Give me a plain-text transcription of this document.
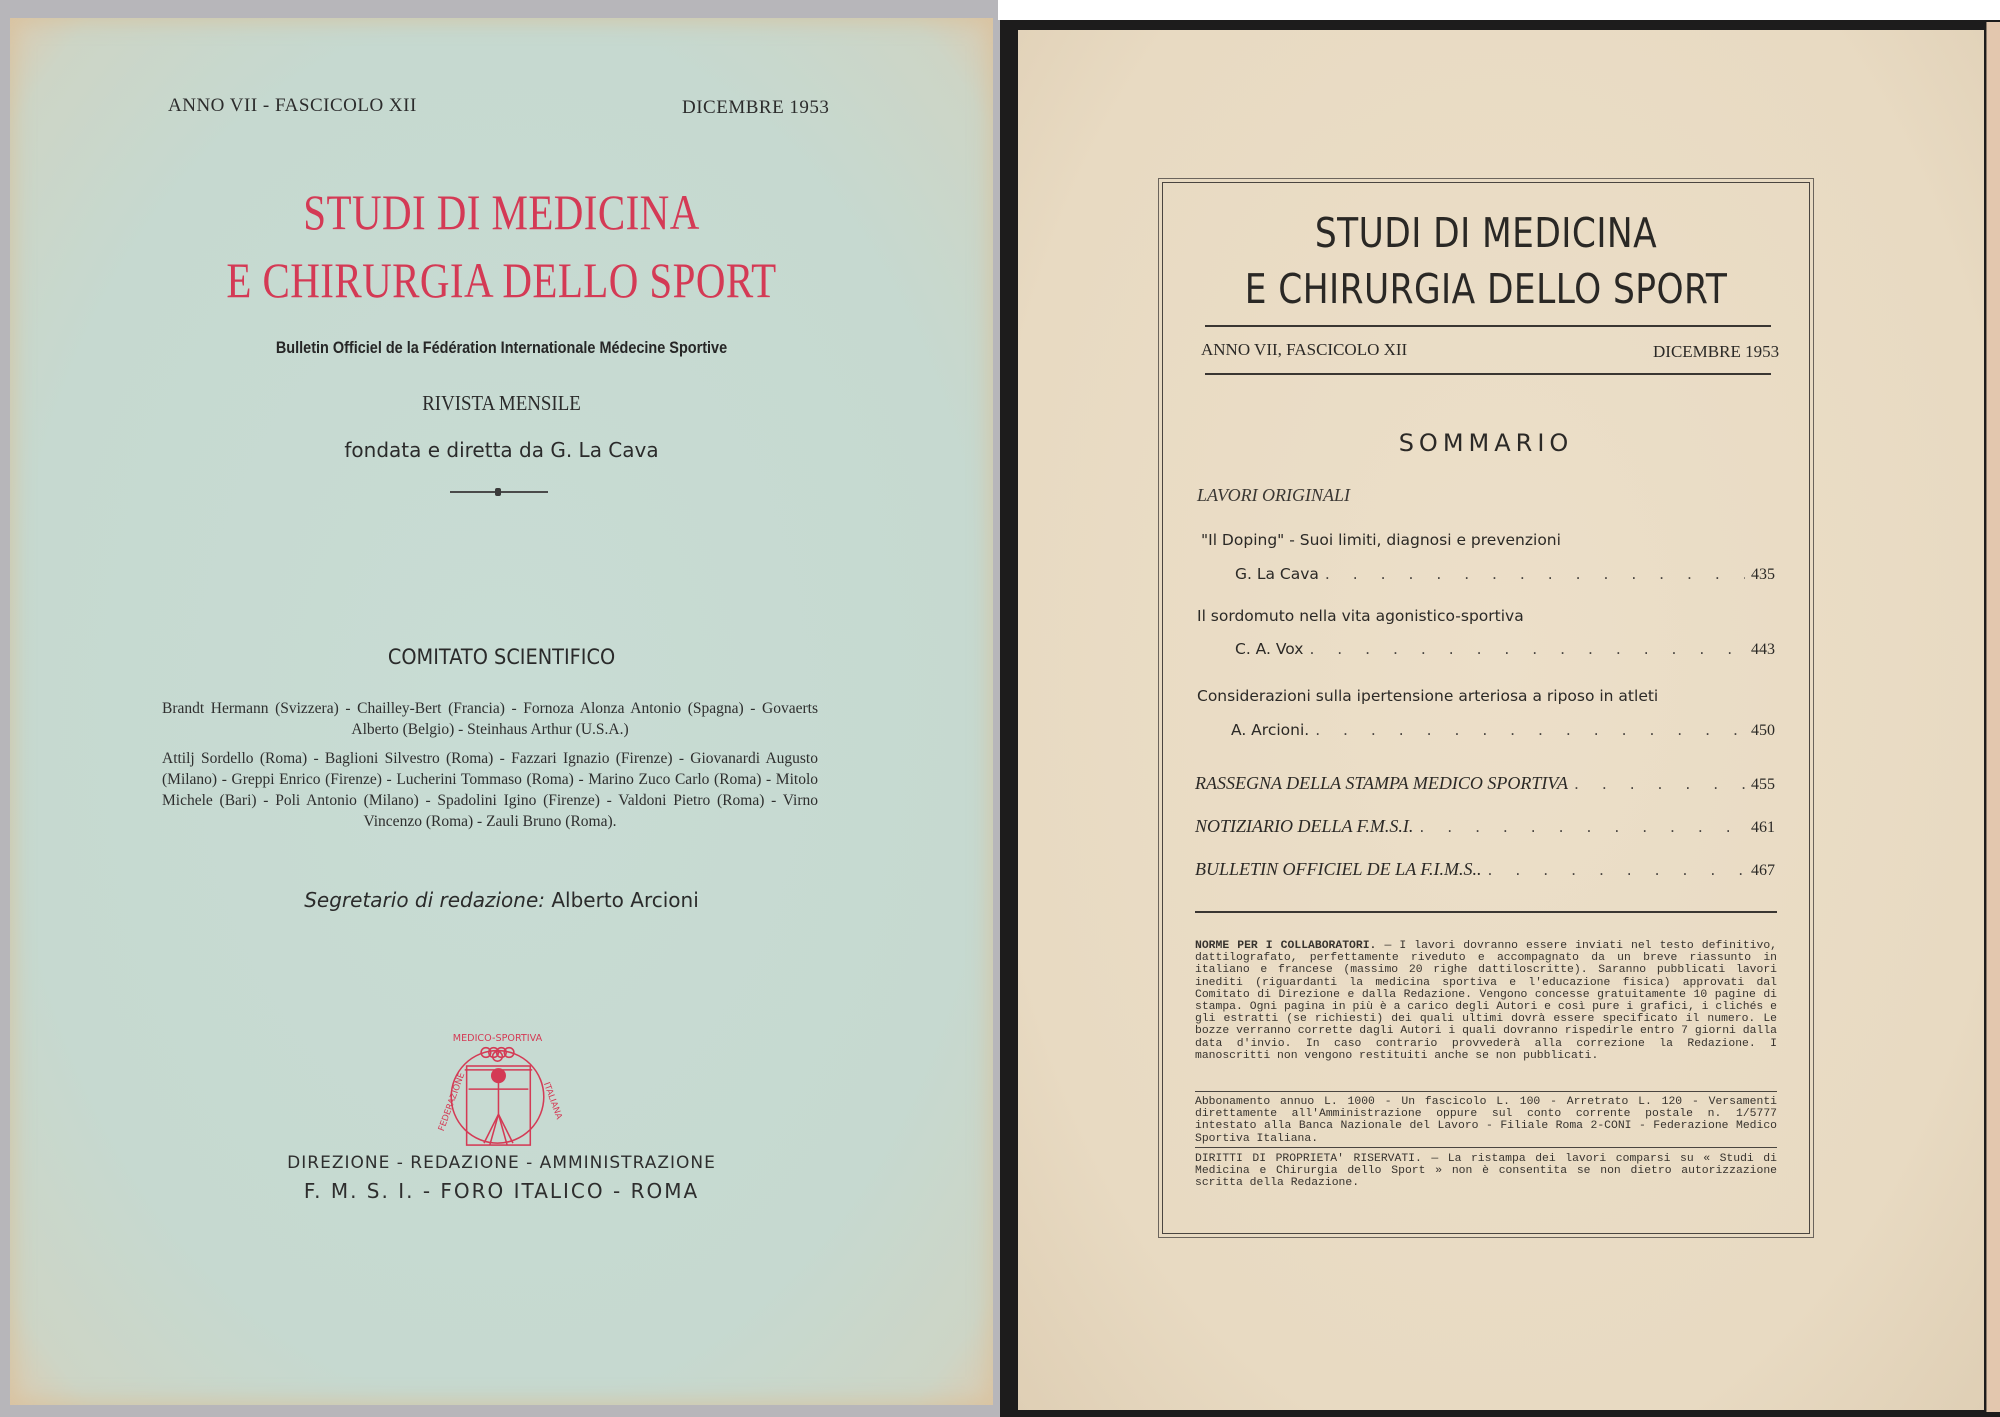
ANNO VII - FASCICOLO XII	DICEMBRE 1953
STUDI DI MEDICINA
E CHIRURGIA DELLO SPORT
Bulletin Officiel de la Fédération Internationale Médecine Sportive
RIVISTA MENSILE
fondata e diretta da G. La Cava
COMITATO SCIENTIFICO
Brandt Hermann (Svizzera) - Chailley-Bert (Francia) - Fornoza Alonza Antonio (Spagna) - Govaerts Alberto (Belgio) - Steinhaus Arthur (U.S.A.)
Attilj Sordello (Roma) - Baglioni Silvestro (Roma) - Fazzari Ignazio (Firenze) - Giovanardi Augusto (Milano) - Greppi Enrico (Firenze) - Lucherini Tommaso (Roma) - Marino Zuco Carlo (Roma) - Mitolo Michele (Bari) - Poli Antonio (Milano) - Spadolini Igino (Firenze) - Valdoni Pietro (Roma) - Virno Vincenzo (Roma) - Zauli Bruno (Roma).
Segretario di redazione: Alberto Arcioni
MEDICO-SPORTIVA
FEDERAZIONE	ITALIANA
DIREZIONE - REDAZIONE - AMMINISTRAZIONE
F. M. S. I. - FORO ITALICO - ROMA
STUDI DI MEDICINA
E CHIRURGIA DELLO SPORT
ANNO VII, FASCICOLO XII	DICEMBRE 1953
SOMMARIO
LAVORI ORIGINALI
"Il Doping" - Suoi limiti, diagnosi e prevenzioni
G. La Cava . . .	435
Il sordomuto nella vita agonistico-sportiva
C. A. Vox . . .	443
Considerazioni sulla ipertensione arteriosa a riposo in atleti
A. Arcioni. . . .	450
RASSEGNA DELLA STAMPA MEDICO SPORTIVA . . .	455
NOTIZIARIO DELLA F.M.S.I. . . .	461
BULLETIN OFFICIEL DE LA F.I.M.S.. . . .	467
NORME PER I COLLABORATORI. — I lavori dovranno essere inviati nel testo definitivo, dattilografato, perfettamente riveduto e accompagnato da un breve riassunto in italiano e francese (massimo 20 righe dattiloscritte). Saranno pubblicati lavori inediti (riguardanti la medicina sportiva e l'educazione fisica) approvati dal Comitato di Direzione e dalla Redazione. Vengono concesse gratuitamente 10 pagine di stampa. Ogni pagina in più è a carico degli Autori e così pure i grafici, i clichés e gli estratti (se richiesti) dei quali ultimi dovrà essere specificato il numero. Le bozze verranno corrette dagli Autori i quali dovranno rispedirle entro 7 giorni dalla data d'invio. In caso contrario provvederà alla correzione la Redazione. I manoscritti non vengono restituiti anche se non pubblicati.
Abbonamento annuo L. 1000 - Un fascicolo L. 100 - Arretrato L. 120 - Versamenti direttamente all'Amministrazione oppure sul conto corrente postale n. 1/5777 intestato alla Banca Nazionale del Lavoro - Filiale Roma 2-CONI - Federazione Medico Sportiva Italiana.
DIRITTI DI PROPRIETA' RISERVATI. — La ristampa dei lavori comparsi su « Studi di Medicina e Chirurgia dello Sport » non è consentita se non dietro autorizzazione scritta della Redazione.
